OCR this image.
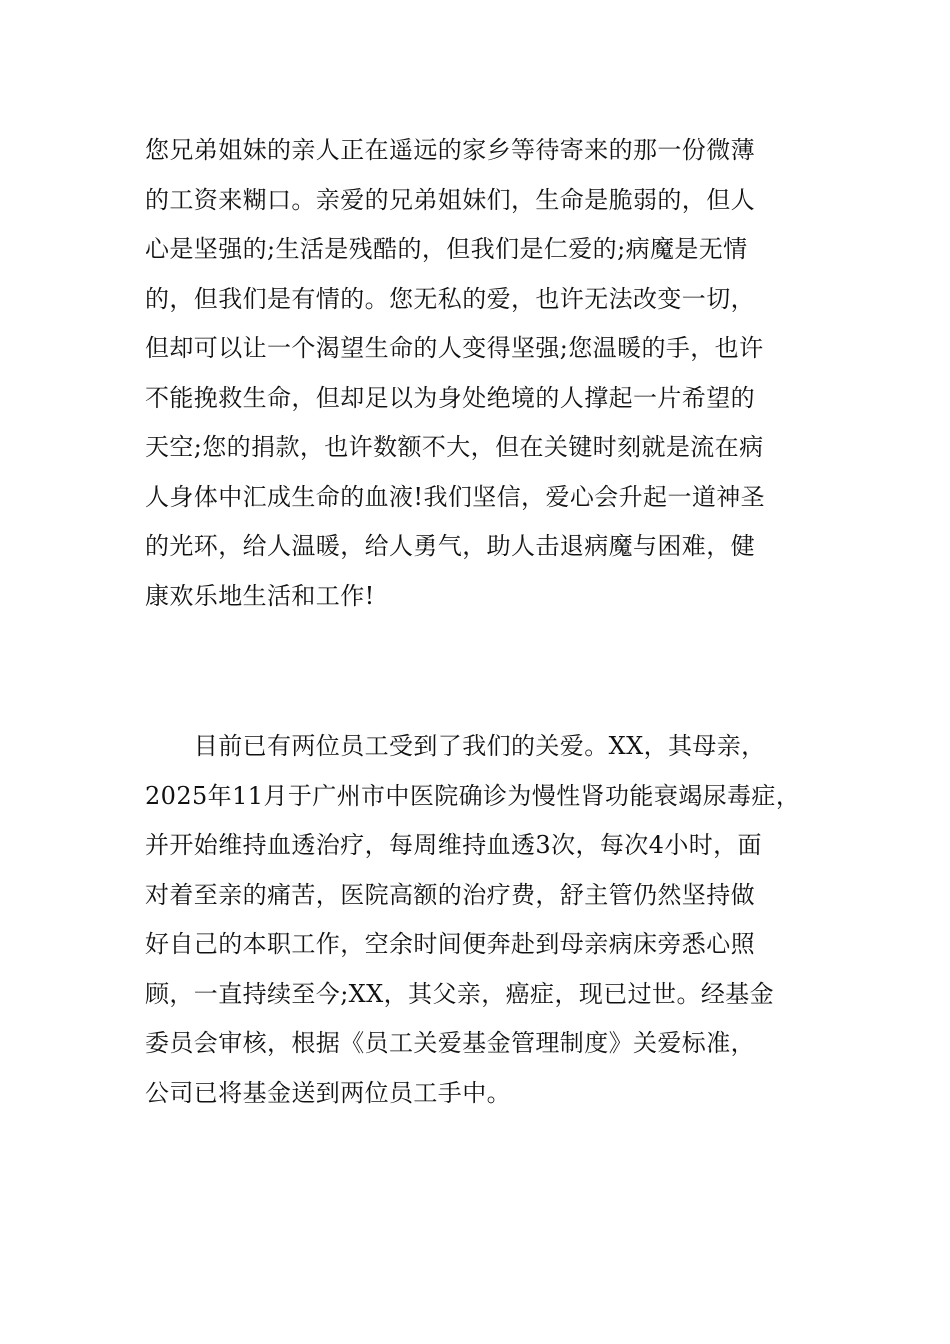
您兄弟姐妹的亲人正在遥远的家乡等待寄来的那一份微薄
的工资来糊口。亲爱的兄弟姐妹们，生命是脆弱的，但人
心是坚强的;生活是残酷的，但我们是仁爱的;病魔是无情
的，但我们是有情的。您无私的爱，也许无法改变一切，
但却可以让一个渴望生命的人变得坚强;您温暖的手，也许
不能挽救生命，但却足以为身处绝境的人撑起一片希望的
天空;您的捐款，也许数额不大，但在关键时刻就是流在病
人身体中汇成生命的血液!我们坚信，爱心会升起一道神圣
的光环，给人温暖，给人勇气，助人击退病魔与困难，健
康欢乐地生活和工作!
　　目前已有两位员工受到了我们的关爱。XX，其母亲，
2025年11月于广州市中医院确诊为慢性肾功能衰竭尿毒症，
并开始维持血透治疗，每周维持血透3次，每次4小时，面
对着至亲的痛苦，医院高额的治疗费，舒主管仍然坚持做
好自己的本职工作，空余时间便奔赴到母亲病床旁悉心照
顾，一直持续至今;XX，其父亲，癌症，现已过世。经基金
委员会审核，根据《员工关爱基金管理制度》关爱标准，
公司已将基金送到两位员工手中。
